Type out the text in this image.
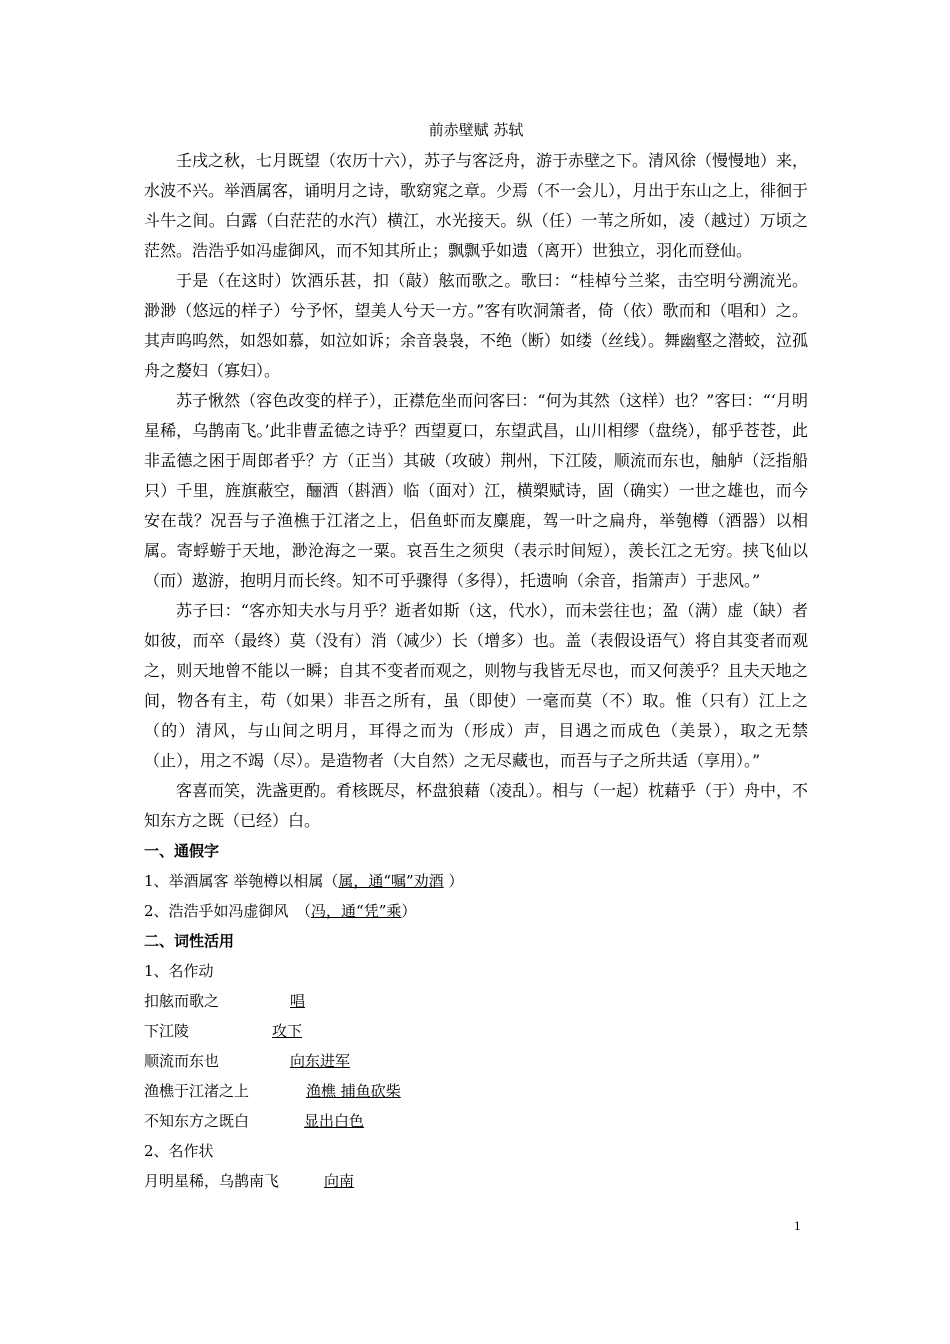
前赤壁赋 苏轼

壬戌之秋，七月既望（农历十六），苏子与客泛舟，游于赤壁之下。清风徐（慢慢地）来，水波不兴。举酒属客，诵明月之诗，歌窈窕之章。少焉（不一会儿），月出于东山之上，徘徊于斗牛之间。白露（白茫茫的水汽）横江，水光接天。纵（任）一苇之所如，凌（越过）万顷之茫然。浩浩乎如冯虚御风，而不知其所止；飘飘乎如遗（离开）世独立，羽化而登仙。

于是（在这时）饮酒乐甚，扣（敲）舷而歌之。歌曰：“桂棹兮兰桨，击空明兮溯流光。渺渺（悠远的样子）兮予怀，望美人兮天一方。”客有吹洞箫者，倚（依）歌而和（唱和）之。其声呜呜然，如怨如慕，如泣如诉；余音袅袅，不绝（断）如缕（丝线）。舞幽壑之潜蛟，泣孤舟之嫠妇（寡妇）。

苏子愀然（容色改变的样子），正襟危坐而问客曰：“何为其然（这样）也？”客曰：“‘月明星稀，乌鹊南飞。’此非曹孟德之诗乎？西望夏口，东望武昌，山川相缪（盘绕），郁乎苍苍，此非孟德之困于周郎者乎？方（正当）其破（攻破）荆州，下江陵，顺流而东也，舳舻（泛指船只）千里，旌旗蔽空，酾酒（斟酒）临（面对）江，横槊赋诗，固（确实）一世之雄也，而今安在哉？况吾与子渔樵于江渚之上，侣鱼虾而友麋鹿，驾一叶之扁舟，举匏樽（酒器）以相属。寄蜉蝣于天地，渺沧海之一粟。哀吾生之须臾（表示时间短），羡长江之无穷。挟飞仙以（而）遨游，抱明月而长终。知不可乎骤得（多得），托遗响（余音，指箫声）于悲风。”

苏子曰：“客亦知夫水与月乎？逝者如斯（这，代水），而未尝往也；盈（满）虚（缺）者如彼，而卒（最终）莫（没有）消（减少）长（增多）也。盖（表假设语气）将自其变者而观之，则天地曾不能以一瞬；自其不变者而观之，则物与我皆无尽也，而又何羡乎？且夫天地之间，物各有主，苟（如果）非吾之所有，虽（即使）一毫而莫（不）取。惟（只有）江上之（的）清风，与山间之明月，耳得之而为（形成）声，目遇之而成色（美景），取之无禁（止），用之不竭（尽）。是造物者（大自然）之无尽藏也，而吾与子之所共适（享用）。”

客喜而笑，洗盏更酌。肴核既尽，杯盘狼藉（凌乱）。相与（一起）枕藉乎（于）舟中，不知东方之既（已经）白。

一、通假字
1、举酒属客 举匏樽以相属（属，通“嘱”劝酒 ）
2、浩浩乎如冯虚御风　（冯，通“凭”乘）
二、词性活用
1、名作动
扣舷而歌之	唱
下江陵	攻下
顺流而东也	向东进军
渔樵于江渚之上	渔樵 捕鱼砍柴
不知东方之既白	显出白色
2、名作状
月明星稀，乌鹊南飞	向南
1
